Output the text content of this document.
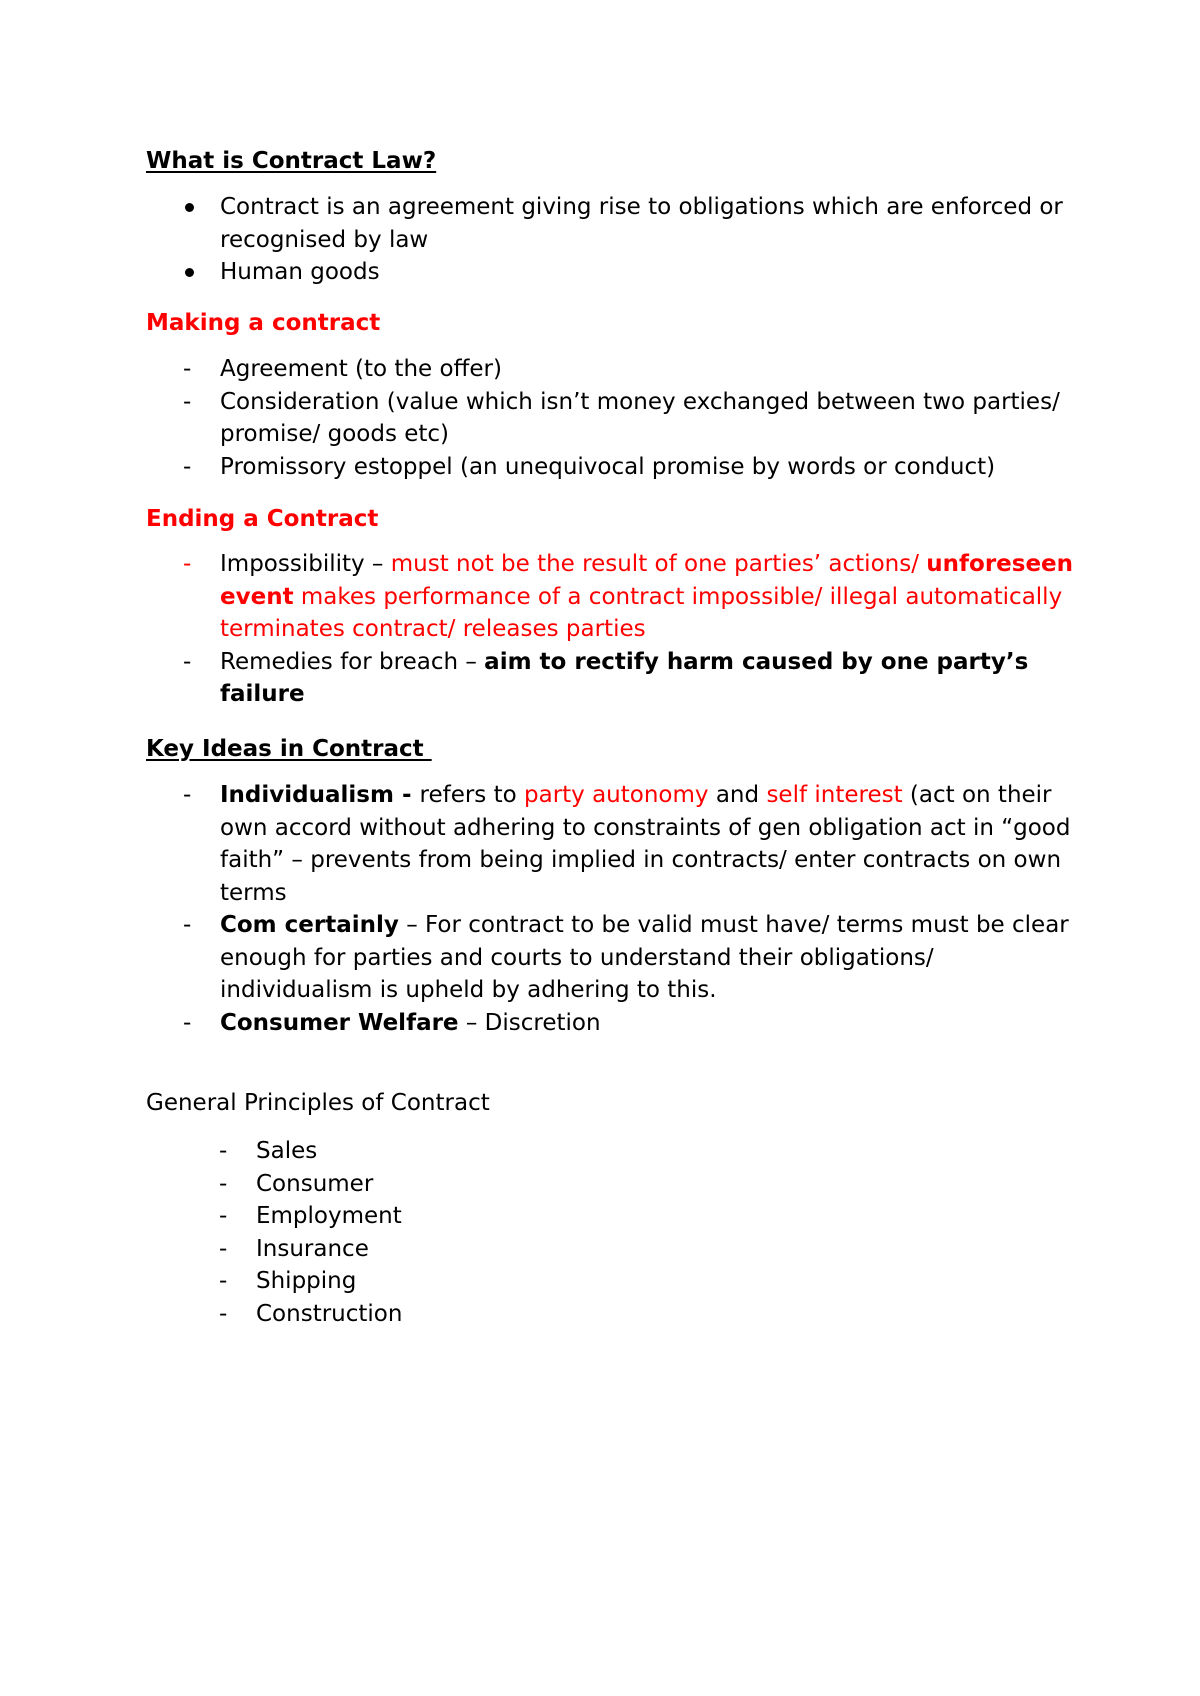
What is Contract Law?
Contract is an agreement giving rise to obligations which are enforced or recognised by law
Human goods
Making a contract
- Agreement (to the offer)
- Consideration (value which isn’t money exchanged between two parties/ promise/ goods etc)
- Promissory estoppel (an unequivocal promise by words or conduct)
Ending a Contract
- Impossibility – must not be the result of one parties’ actions/ unforeseen event makes performance of a contract impossible/ illegal automatically terminates contract/ releases parties
- Remedies for breach – aim to rectify harm caused by one party’s failure
Key Ideas in Contract
- Individualism - refers to party autonomy and self interest (act on their own accord without adhering to constraints of gen obligation act in “good faith” – prevents from being implied in contracts/ enter contracts on own terms
- Com certainly – For contract to be valid must have/ terms must be clear enough for parties and courts to understand their obligations/ individualism is upheld by adhering to this.
- Consumer Welfare – Discretion
General Principles of Contract
- Sales
- Consumer
- Employment
- Insurance
- Shipping
- Construction
